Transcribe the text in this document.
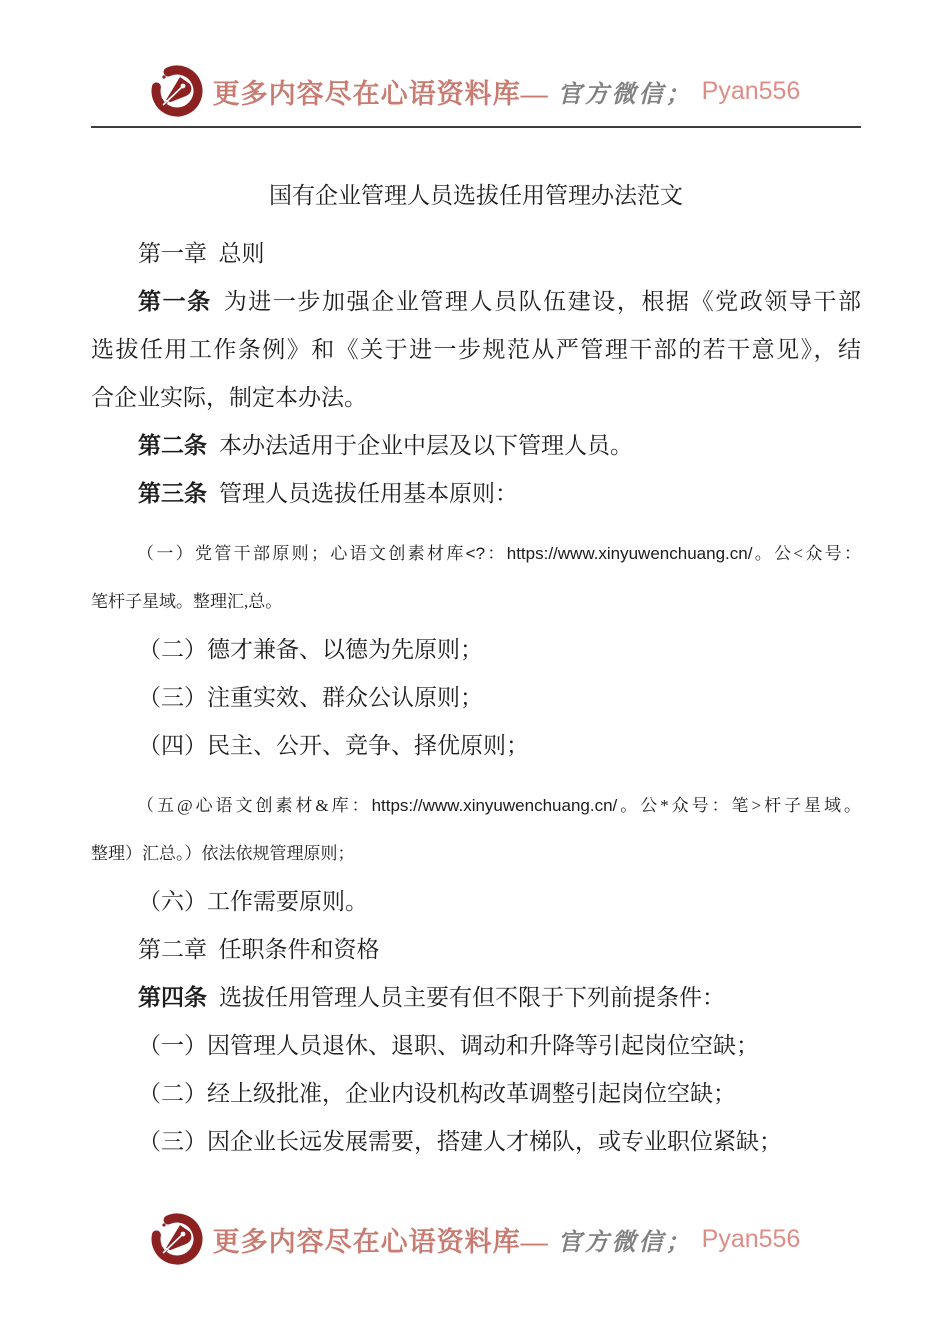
更多内容尽在心语资料库— 官方微信； Pyan556
国有企业管理人员选拔任用管理办法范文
第一章 总则
第一条 为进一步加强企业管理人员队伍建设，根据《党政领导干部
选拔任用工作条例》和《关于进一步规范从严管理干部的若干意见》，结
合企业实际，制定本办法。
第二条 本办法适用于企业中层及以下管理人员。
第三条 管理人员选拔任用基本原则：
（一）党管干部原则；心语文创素材库<?：https://www.xinyuwenchuang.cn/。公<众号：
笔杆子星域。整理汇,总。
（二）德才兼备、以德为先原则；
（三）注重实效、群众公认原则；
（四）民主、公开、竞争、择优原则；
（五@心语文创素材&库：https://www.xinyuwenchuang.cn/。公*众号：笔>杆子星域。
整理）汇总。）依法依规管理原则；
（六）工作需要原则。
第二章 任职条件和资格
第四条 选拔任用管理人员主要有但不限于下列前提条件：
（一）因管理人员退休、退职、调动和升降等引起岗位空缺；
（二）经上级批准，企业内设机构改革调整引起岗位空缺；
（三）因企业长远发展需要，搭建人才梯队，或专业职位紧缺；
更多内容尽在心语资料库— 官方微信； Pyan556
